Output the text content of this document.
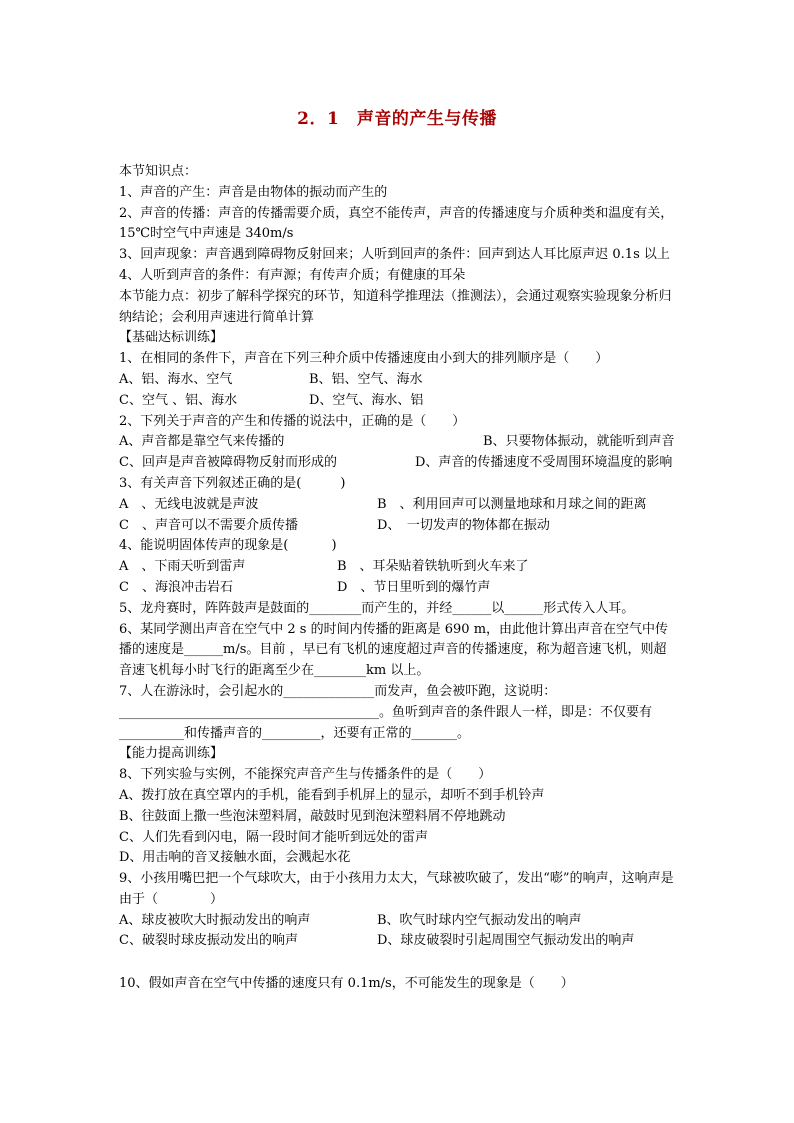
2．1　声音的产生与传播

本节知识点：

1、声音的产生：声音是由物体的振动而产生的

2、声音的传播：声音的传播需要介质，真空不能传声，声音的传播速度与介质种类和温度有关，15℃时空气中声速是 340m/s

3、回声现象：声音遇到障碍物反射回来；人听到回声的条件：回声到达人耳比原声迟 0.1s 以上

4、人听到声音的条件：有声源；有传声介质；有健康的耳朵

本节能力点：初步了解科学探究的环节，知道科学推理法（推测法），会通过观察实验现象分析归纳结论；会利用声速进行简单计算

【基础达标训练】

1、在相同的条件下，声音在下列三种介质中传播速度由小到大的排列顺序是（　　）

A、铝、海水、空气	B、铝、空气、海水
C、空气 、铝、海水	D、空气、海水、铝

2、下列关于声音的产生和传播的说法中，正确的是（　　）

A、声音都是靠空气来传播的	B、只要物体振动，就能听到声音
C、回声是声音被障碍物反射而形成的	D、声音的传播速度不受周围环境温度的影响

3、有关声音下列叙述正确的是(　　　)

A　、无线电波就是声波	B　、利用回声可以测量地球和月球之间的距离
C　、声音可以不需要介质传播	D、　一切发声的物体都在振动

4、能说明固体传声的现象是(　　　 )

A　、下雨天听到雷声	B　、耳朵贴着铁轨听到火车来了
C　、海浪冲击岩石	D　、节日里听到的爆竹声

5、龙舟赛时，阵阵鼓声是鼓面的________而产生的，并经______以______形式传入人耳。

6、某同学测出声音在空气中 2 s 的时间内传播的距离是 690 m，由此他计算出声音在空气中传播的速度是______m/s。目前 ，早已有飞机的速度超过声音的传播速度，称为超音速飞机，则超音速飞机每小时飞行的距离至少在________km 以上。

7、人在游泳时，会引起水的______________而发声，鱼会被吓跑，这说明：________________________________________。鱼听到声音的条件跟人一样，即是：不仅要有__________和传播声音的_________，还要有正常的_______。

【能力提高训练】

8、下列实验与实例，不能探究声音产生与传播条件的是（　　）

A、拨打放在真空罩内的手机，能看到手机屏上的显示，却听不到手机铃声

B、往鼓面上撒一些泡沫塑料屑，敲鼓时见到泡沫塑料屑不停地跳动

C、人们先看到闪电，隔一段时间才能听到远处的雷声

D、用击响的音叉接触水面，会溅起水花

9、小孩用嘴巴把一个气球吹大，由于小孩用力太大，气球被吹破了，发出“嘭”的响声，这响声是由于（　　　　）

A、球皮被吹大时振动发出的响声	B、吹气时球内空气振动发出的响声
C、破裂时球皮振动发出的响声	D、球皮破裂时引起周围空气振动发出的响声

10、假如声音在空气中传播的速度只有 0.1m/s，不可能发生的现象是（　　）
